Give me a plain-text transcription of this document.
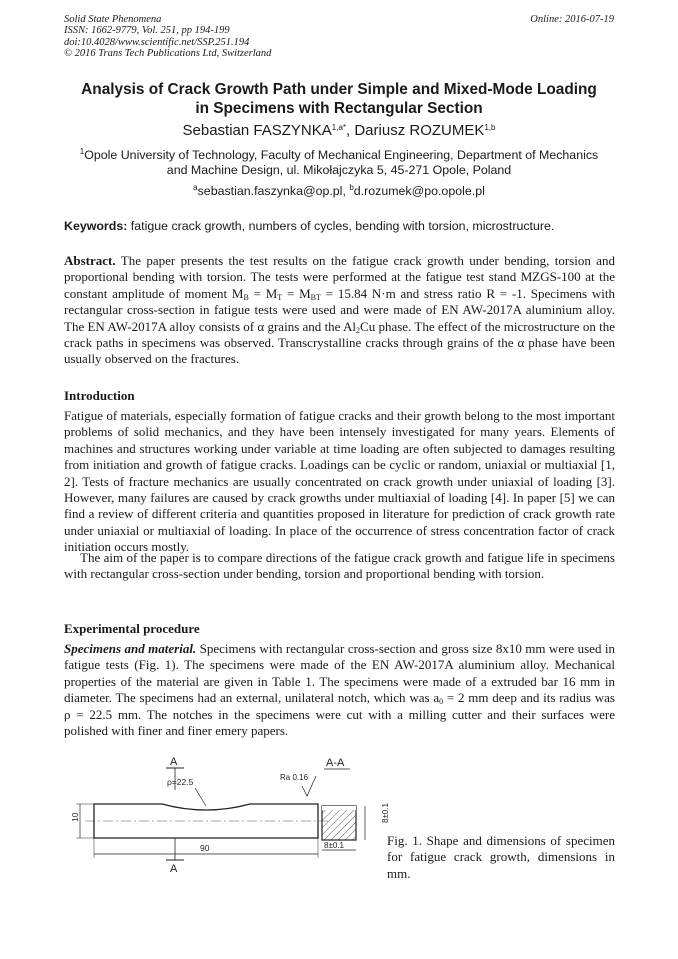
Solid State Phenomena
ISSN: 1662-9779, Vol. 251, pp 194-199
doi:10.4028/www.scientific.net/SSP.251.194
© 2016 Trans Tech Publications Ltd, Switzerland
Online: 2016-07-19
Analysis of Crack Growth Path under Simple and Mixed-Mode Loading
in Specimens with Rectangular Section
Sebastian $FASZYNKA^{1,a*}$, Dariusz ROZUMEK$^{1,b}$
$^1$Opole University of Technology, Faculty of Mechanical Engineering, Department of Mechanics
and Machine Design, ul. Mikołajczyka 5, 45-271 Opole, Poland
$^a$sebastian.faszynka@op.pl, $^b$d.rozumek@po.opole.pl
Keywords: fatigue crack growth, numbers of cycles, bending with torsion, microstructure.
Abstract. The paper presents the test results on the fatigue crack growth under bending, torsion and proportional bending with torsion. The tests were performed at the fatigue test stand MZGS-100 at the constant amplitude of moment $M_B = M_T = M_{BT} = 15.84$ N·m and stress ratio R = -1. Specimens with rectangular cross-section in fatigue tests were used and were made of EN AW-2017A aluminium alloy. The EN AW-2017A alloy consists of α grains and the $Al_2Cu$ phase. The effect of the microstructure on the crack paths in specimens was observed. Transcrystalline cracks through grains of the α phase have been usually observed on the fractures.
Introduction
Fatigue of materials, especially formation of fatigue cracks and their growth belong to the most important problems of solid mechanics, and they have been intensely investigated for many years. Elements of machines and structures working under variable at time loading are often subjected to damages resulting from initiation and growth of fatigue cracks. Loadings can be cyclic or random, uniaxial or multiaxial [1, 2]. Tests of fracture mechanics are usually concentrated on crack growth under uniaxial of loading [3]. However, many failures are caused by crack growths under multiaxial of loading [4]. In paper [5] we can find a review of different criteria and quantities proposed in literature for prediction of crack growth rate under uniaxial or multiaxial of loading. In place of the occurrence of stress concentration factor of crack initiation occurs mostly.
The aim of the paper is to compare directions of the fatigue crack growth and fatigue life in specimens with rectangular cross-section under bending, torsion and proportional bending with torsion.
Experimental procedure
Specimens and material. Specimens with rectangular cross-section and gross size 8x10 mm were used in fatigue tests (Fig. 1). The specimens were made of the EN AW-2017A aluminium alloy. Mechanical properties of the material are given in Table 1. The specimens were made of a extruded bar 16 mm in diameter. The specimens had an external, unilateral notch, which was $a_0 = 2$ mm deep and its radius was ρ = 22.5 mm. The notches in the specimens were cut with a milling cutter and their surfaces were polished with finer and finer emery papers.
A
ρ=22.5
10
90
A
Ra 0.16
A-A
8±0.1
8±0.1	Fig. 1. Shape and dimensions of specimen for fatigue crack growth, dimensions in mm.
